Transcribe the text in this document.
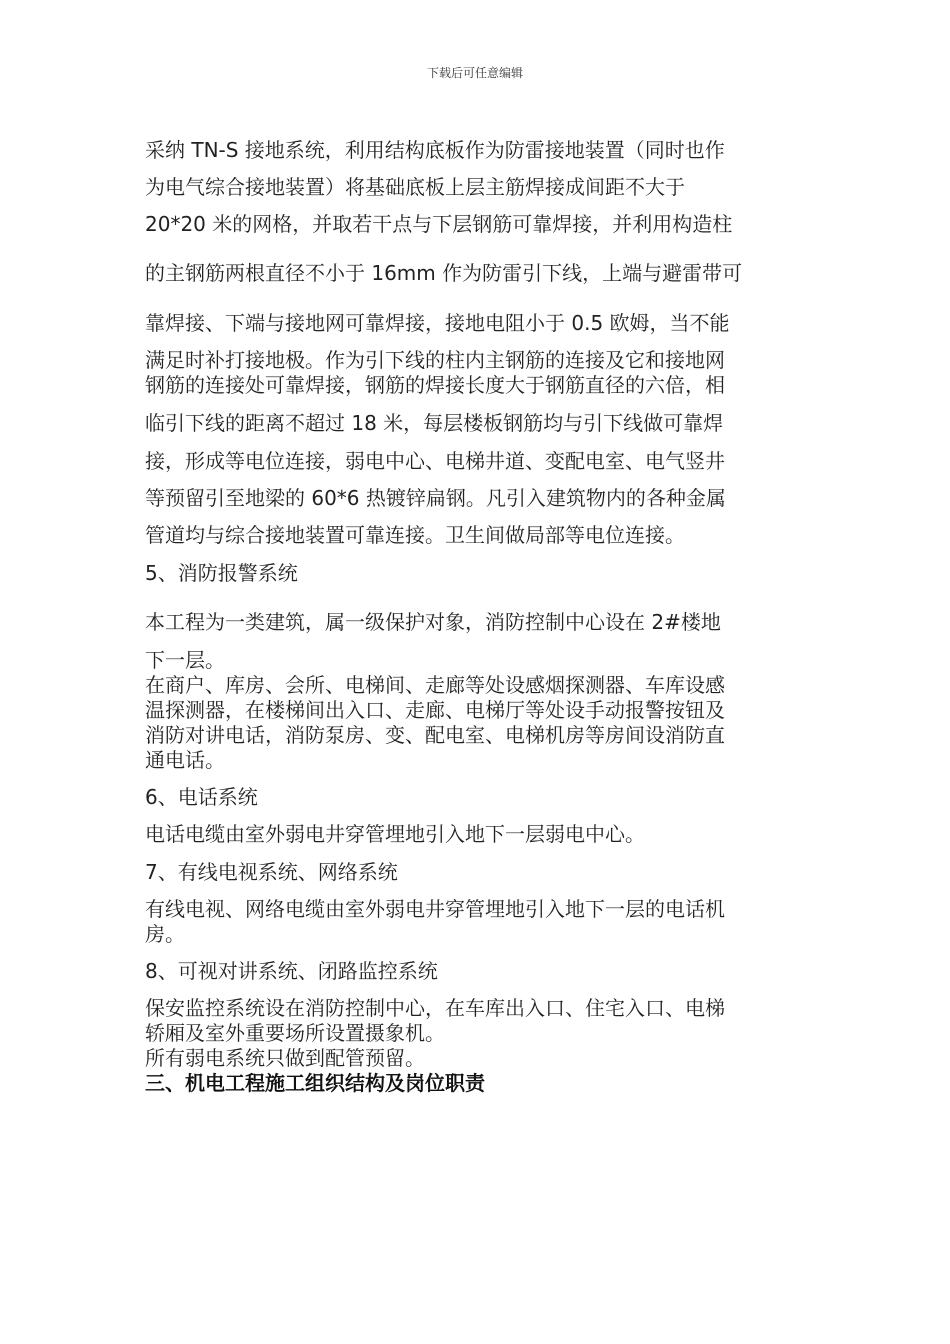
下载后可任意编辑
采纳 TN-S 接地系统，利用结构底板作为防雷接地装置（同时也作
为电气综合接地装置）将基础底板上层主筋焊接成间距不大于
20*20 米的网格，并取若干点与下层钢筋可靠焊接，并利用构造柱
的主钢筋两根直径不小于 16mm 作为防雷引下线，上端与避雷带可
靠焊接、下端与接地网可靠焊接，接地电阻小于 0.5 欧姆，当不能
满足时补打接地极。作为引下线的柱内主钢筋的连接及它和接地网
钢筋的连接处可靠焊接，钢筋的焊接长度大于钢筋直径的六倍，相
临引下线的距离不超过 18 米，每层楼板钢筋均与引下线做可靠焊
接，形成等电位连接，弱电中心、电梯井道、变配电室、电气竖井
等预留引至地梁的 60*6 热镀锌扁钢。凡引入建筑物内的各种金属
管道均与综合接地装置可靠连接。卫生间做局部等电位连接。
5、消防报警系统
本工程为一类建筑，属一级保护对象，消防控制中心设在 2#楼地
下一层。
在商户、库房、会所、电梯间、走廊等处设感烟探测器、车库设感
温探测器，在楼梯间出入口、走廊、电梯厅等处设手动报警按钮及
消防对讲电话，消防泵房、变、配电室、电梯机房等房间设消防直
通电话。
6、电话系统
电话电缆由室外弱电井穿管埋地引入地下一层弱电中心。
7、有线电视系统、网络系统
有线电视、网络电缆由室外弱电井穿管埋地引入地下一层的电话机
房。
8、可视对讲系统、闭路监控系统
保安监控系统设在消防控制中心，在车库出入口、住宅入口、电梯
轿厢及室外重要场所设置摄象机。
所有弱电系统只做到配管预留。
三、机电工程施工组织结构及岗位职责
